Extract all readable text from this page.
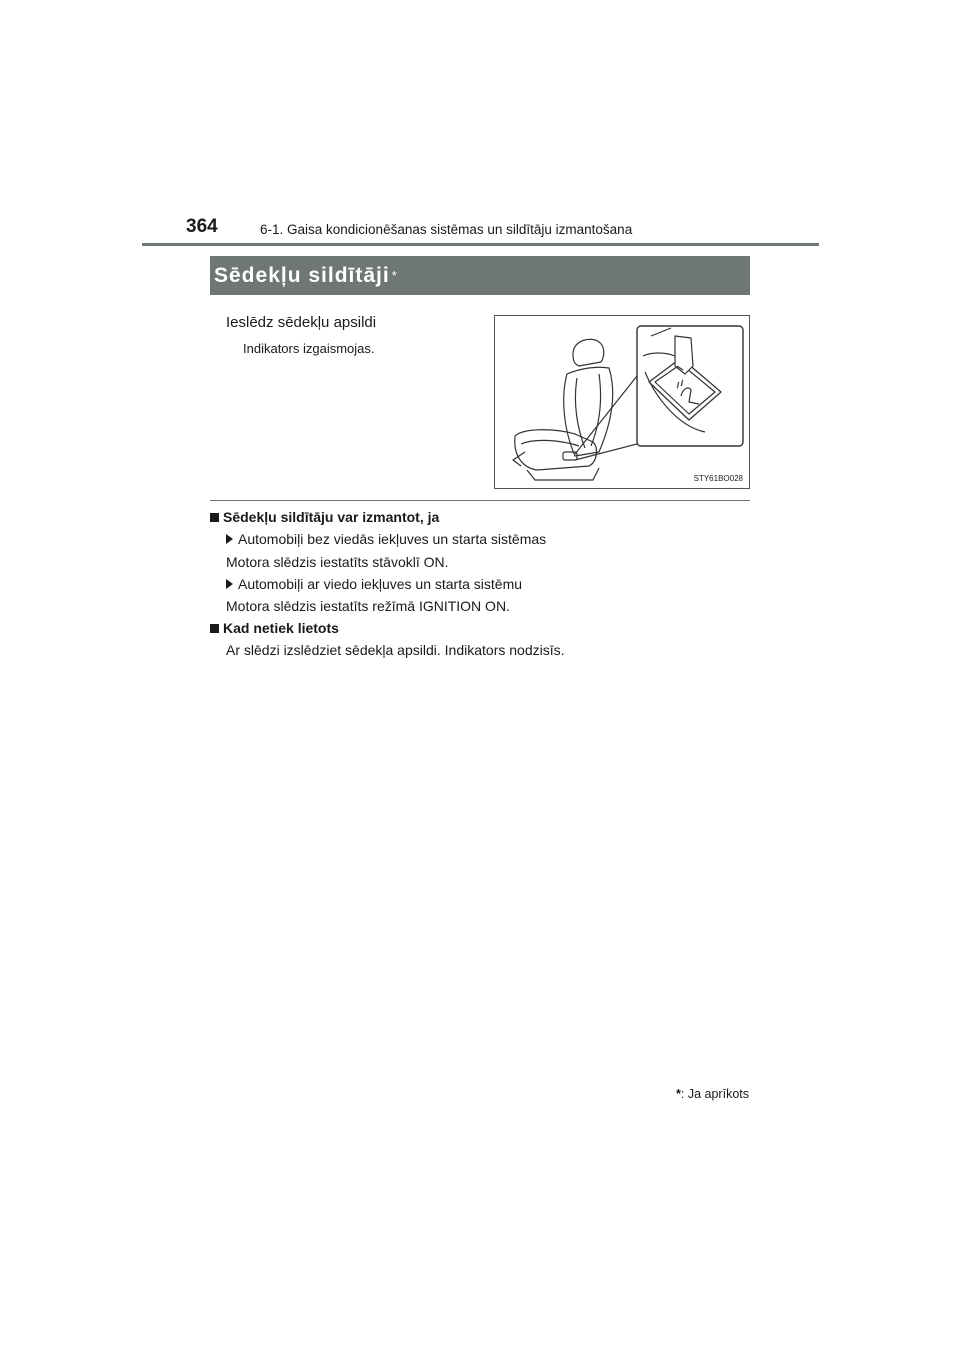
364	6-1. Gaisa kondicionēšanas sistēmas un sildītāju izmantošana
Sēdekļu sildītāji *
Ieslēdz sēdekļu apsildi
Indikators izgaismojas.
STY61BO028
Sēdekļu sildītāju var izmantot, ja
Automobiļi bez viedās iekļuves un starta sistēmas
Motora slēdzis iestatīts stāvoklī ON.
Automobiļi ar viedo iekļuves un starta sistēmu
Motora slēdzis iestatīts režīmā IGNITION ON.
Kad netiek lietots
Ar slēdzi izslēdziet sēdekļa apsildi. Indikators nodzisīs.
*: Ja aprīkots
